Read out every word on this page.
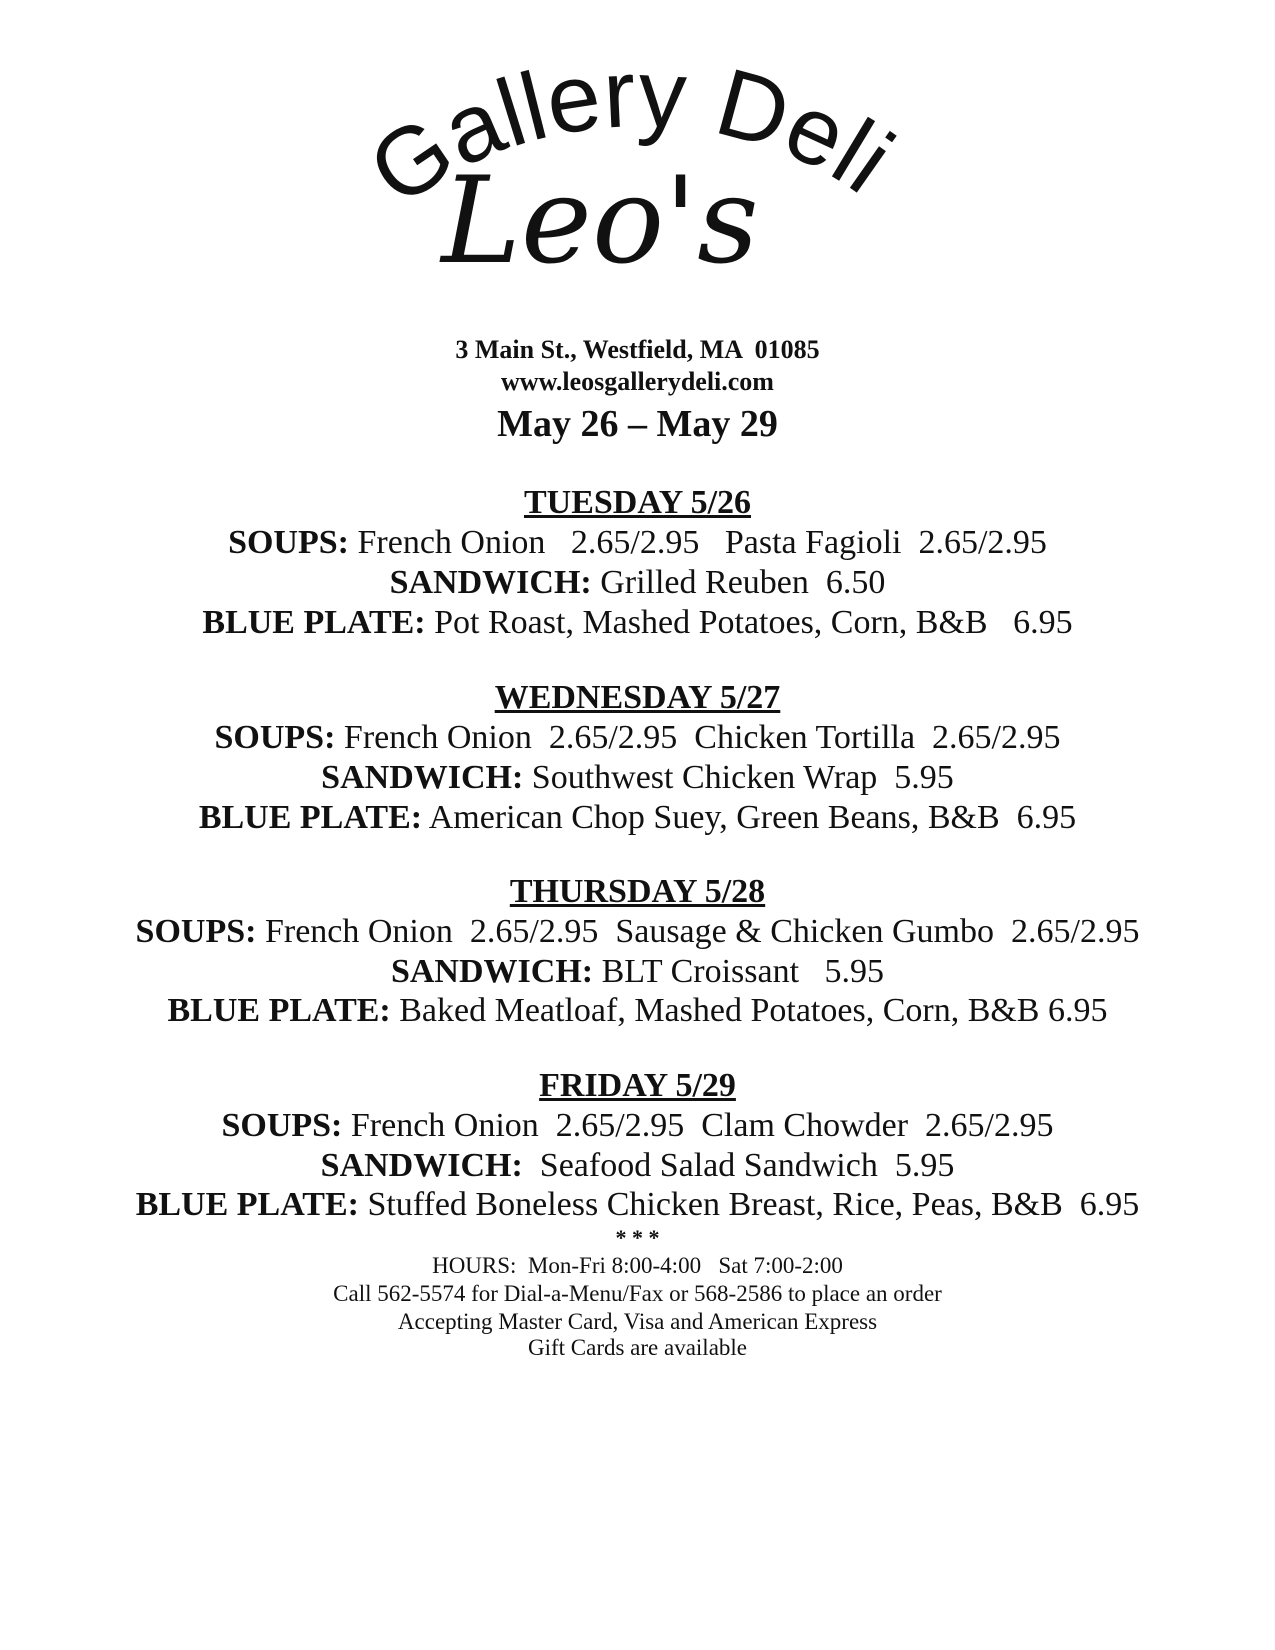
Gallery Deli
Leo's
3 Main St., Westfield, MA  01085
www.leosgallerydeli.com
May 26 – May 29
TUESDAY 5/26
SOUPS: French Onion   2.65/2.95   Pasta Fagioli  2.65/2.95
SANDWICH: Grilled Reuben  6.50
BLUE PLATE: Pot Roast, Mashed Potatoes, Corn, B&B   6.95
WEDNESDAY 5/27
SOUPS: French Onion  2.65/2.95  Chicken Tortilla  2.65/2.95
SANDWICH: Southwest Chicken Wrap  5.95
BLUE PLATE: American Chop Suey, Green Beans, B&B  6.95
THURSDAY 5/28
SOUPS: French Onion  2.65/2.95  Sausage & Chicken Gumbo  2.65/2.95
SANDWICH: BLT Croissant   5.95
BLUE PLATE: Baked Meatloaf, Mashed Potatoes, Corn, B&B 6.95
FRIDAY 5/29
SOUPS: French Onion  2.65/2.95  Clam Chowder  2.65/2.95
SANDWICH:  Seafood Salad Sandwich  5.95
BLUE PLATE: Stuffed Boneless Chicken Breast, Rice, Peas, B&B  6.95
* * *
HOURS:  Mon-Fri 8:00-4:00   Sat 7:00-2:00
Call 562-5574 for Dial-a-Menu/Fax or 568-2586 to place an order
Accepting Master Card, Visa and American Express
Gift Cards are available
